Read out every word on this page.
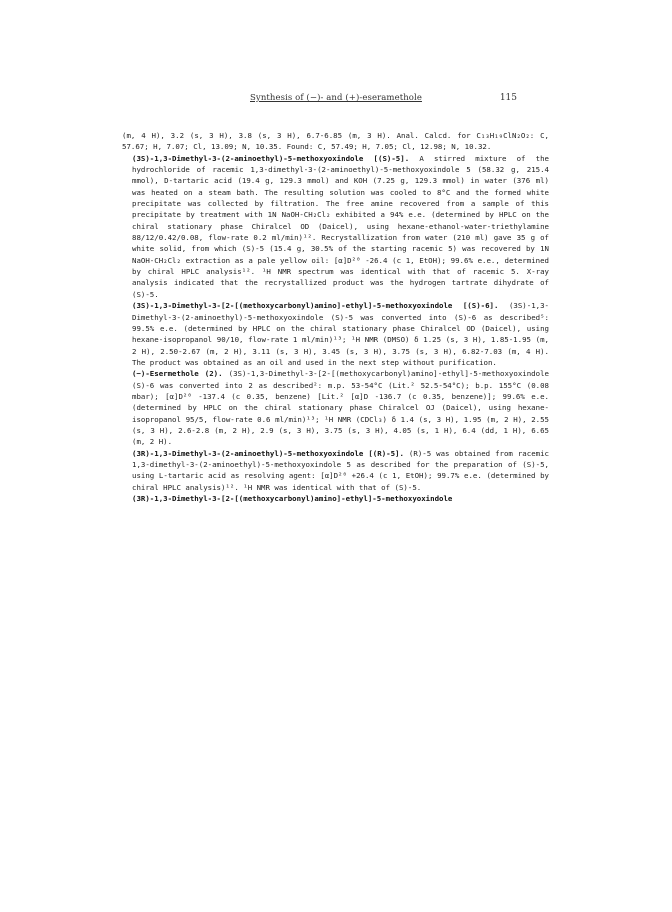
Synthesis of (−)- and (+)-eseramethole	115

(m, 4 H), 3.2 (s, 3 H), 3.8 (s, 3 H), 6.7-6.85 (m, 3 H). Anal. Calcd. for C₁₃H₁₉ClN₂O₂: C, 57.67; H, 7.07; Cl, 13.09; N, 10.35. Found: C, 57.49; H, 7.05; Cl, 12.98; N, 10.32.

(3S)-1,3-Dimethyl-3-(2-aminoethyl)-5-methoxyoxindole [(S)-5]. A stirred mixture of the hydrochloride of racemic 1,3-dimethyl-3-(2-aminoethyl)-5-methoxyoxindole 5 (58.32 g, 215.4 mmol), D-tartaric acid (19.4 g, 129.3 mmol) and KOH (7.25 g, 129.3 mmol) in water (376 ml) was heated on a steam bath. The resulting solution was cooled to 8°C and the formed white precipitate was collected by filtration. The free amine recovered from a sample of this precipitate by treatment with 1N NaOH-CH₂Cl₂ exhibited a 94% e.e. (determined by HPLC on the chiral stationary phase Chiralcel OD (Daicel), using hexane-ethanol-water-triethylamine 88/12/0.42/0.08, flow-rate 0.2 ml/min)¹². Recrystallization from water (210 ml) gave 35 g of white solid, from which (S)-5 (15.4 g, 30.5% of the starting racemic 5) was recovered by 1N NaOH-CH₂Cl₂ extraction as a pale yellow oil: [α]D²⁰ -26.4 (c 1, EtOH); 99.6% e.e., determined by chiral HPLC analysis¹². ¹H NMR spectrum was identical with that of racemic 5. X-ray analysis indicated that the recrystallized product was the hydrogen tartrate dihydrate of (S)-5.

(3S)-1,3-Dimethyl-3-[2-[(methoxycarbonyl)amino]-ethyl]-5-methoxyoxindole [(S)-6]. (3S)-1,3-Dimethyl-3-(2-aminoethyl)-5-methoxyoxindole (S)-5 was converted into (S)-6 as described⁵: 99.5% e.e. (determined by HPLC on the chiral stationary phase Chiralcel OD (Daicel), using hexane-isopropanol 90/10, flow-rate 1 ml/min)¹³; ¹H NMR (DMSO) δ 1.25 (s, 3 H), 1.85-1.95 (m, 2 H), 2.50-2.67 (m, 2 H), 3.11 (s, 3 H), 3.45 (s, 3 H), 3.75 (s, 3 H), 6.82-7.03 (m, 4 H). The product was obtained as an oil and used in the next step without purification.

(−)-Esermethole (2). (3S)-1,3-Dimethyl-3-[2-[(methoxycarbonyl)amino]-ethyl]-5-methoxyoxindole (S)-6 was converted into 2 as described²: m.p. 53-54°C (Lit.² 52.5-54°C); b.p. 155°C (0.08 mbar); [α]D²⁰ -137.4 (c 0.35, benzene) [Lit.² [α]D -136.7 (c 0.35, benzene)]; 99.6% e.e. (determined by HPLC on the chiral stationary phase Chiralcel OJ (Daicel), using hexane-isopropanol 95/5, flow-rate 0.6 ml/min)¹³; ¹H NMR (CDCl₃) δ 1.4 (s, 3 H), 1.95 (m, 2 H), 2.55 (s, 3 H), 2.6-2.8 (m, 2 H), 2.9 (s, 3 H), 3.75 (s, 3 H), 4.05 (s, 1 H), 6.4 (dd, 1 H), 6.65 (m, 2 H).

(3R)-1,3-Dimethyl-3-(2-aminoethyl)-5-methoxyoxindole [(R)-5]. (R)-5 was obtained from racemic 1,3-dimethyl-3-(2-aminoethyl)-5-methoxyoxindole 5 as described for the preparation of (S)-5, using L-tartaric acid as resolving agent: [α]D²⁰ +26.4 (c 1, EtOH); 99.7% e.e. (determined by chiral HPLC analysis)¹². ¹H NMR was identical with that of (S)-5.

(3R)-1,3-Dimethyl-3-[2-[(methoxycarbonyl)amino]-ethyl]-5-methoxyoxindole
